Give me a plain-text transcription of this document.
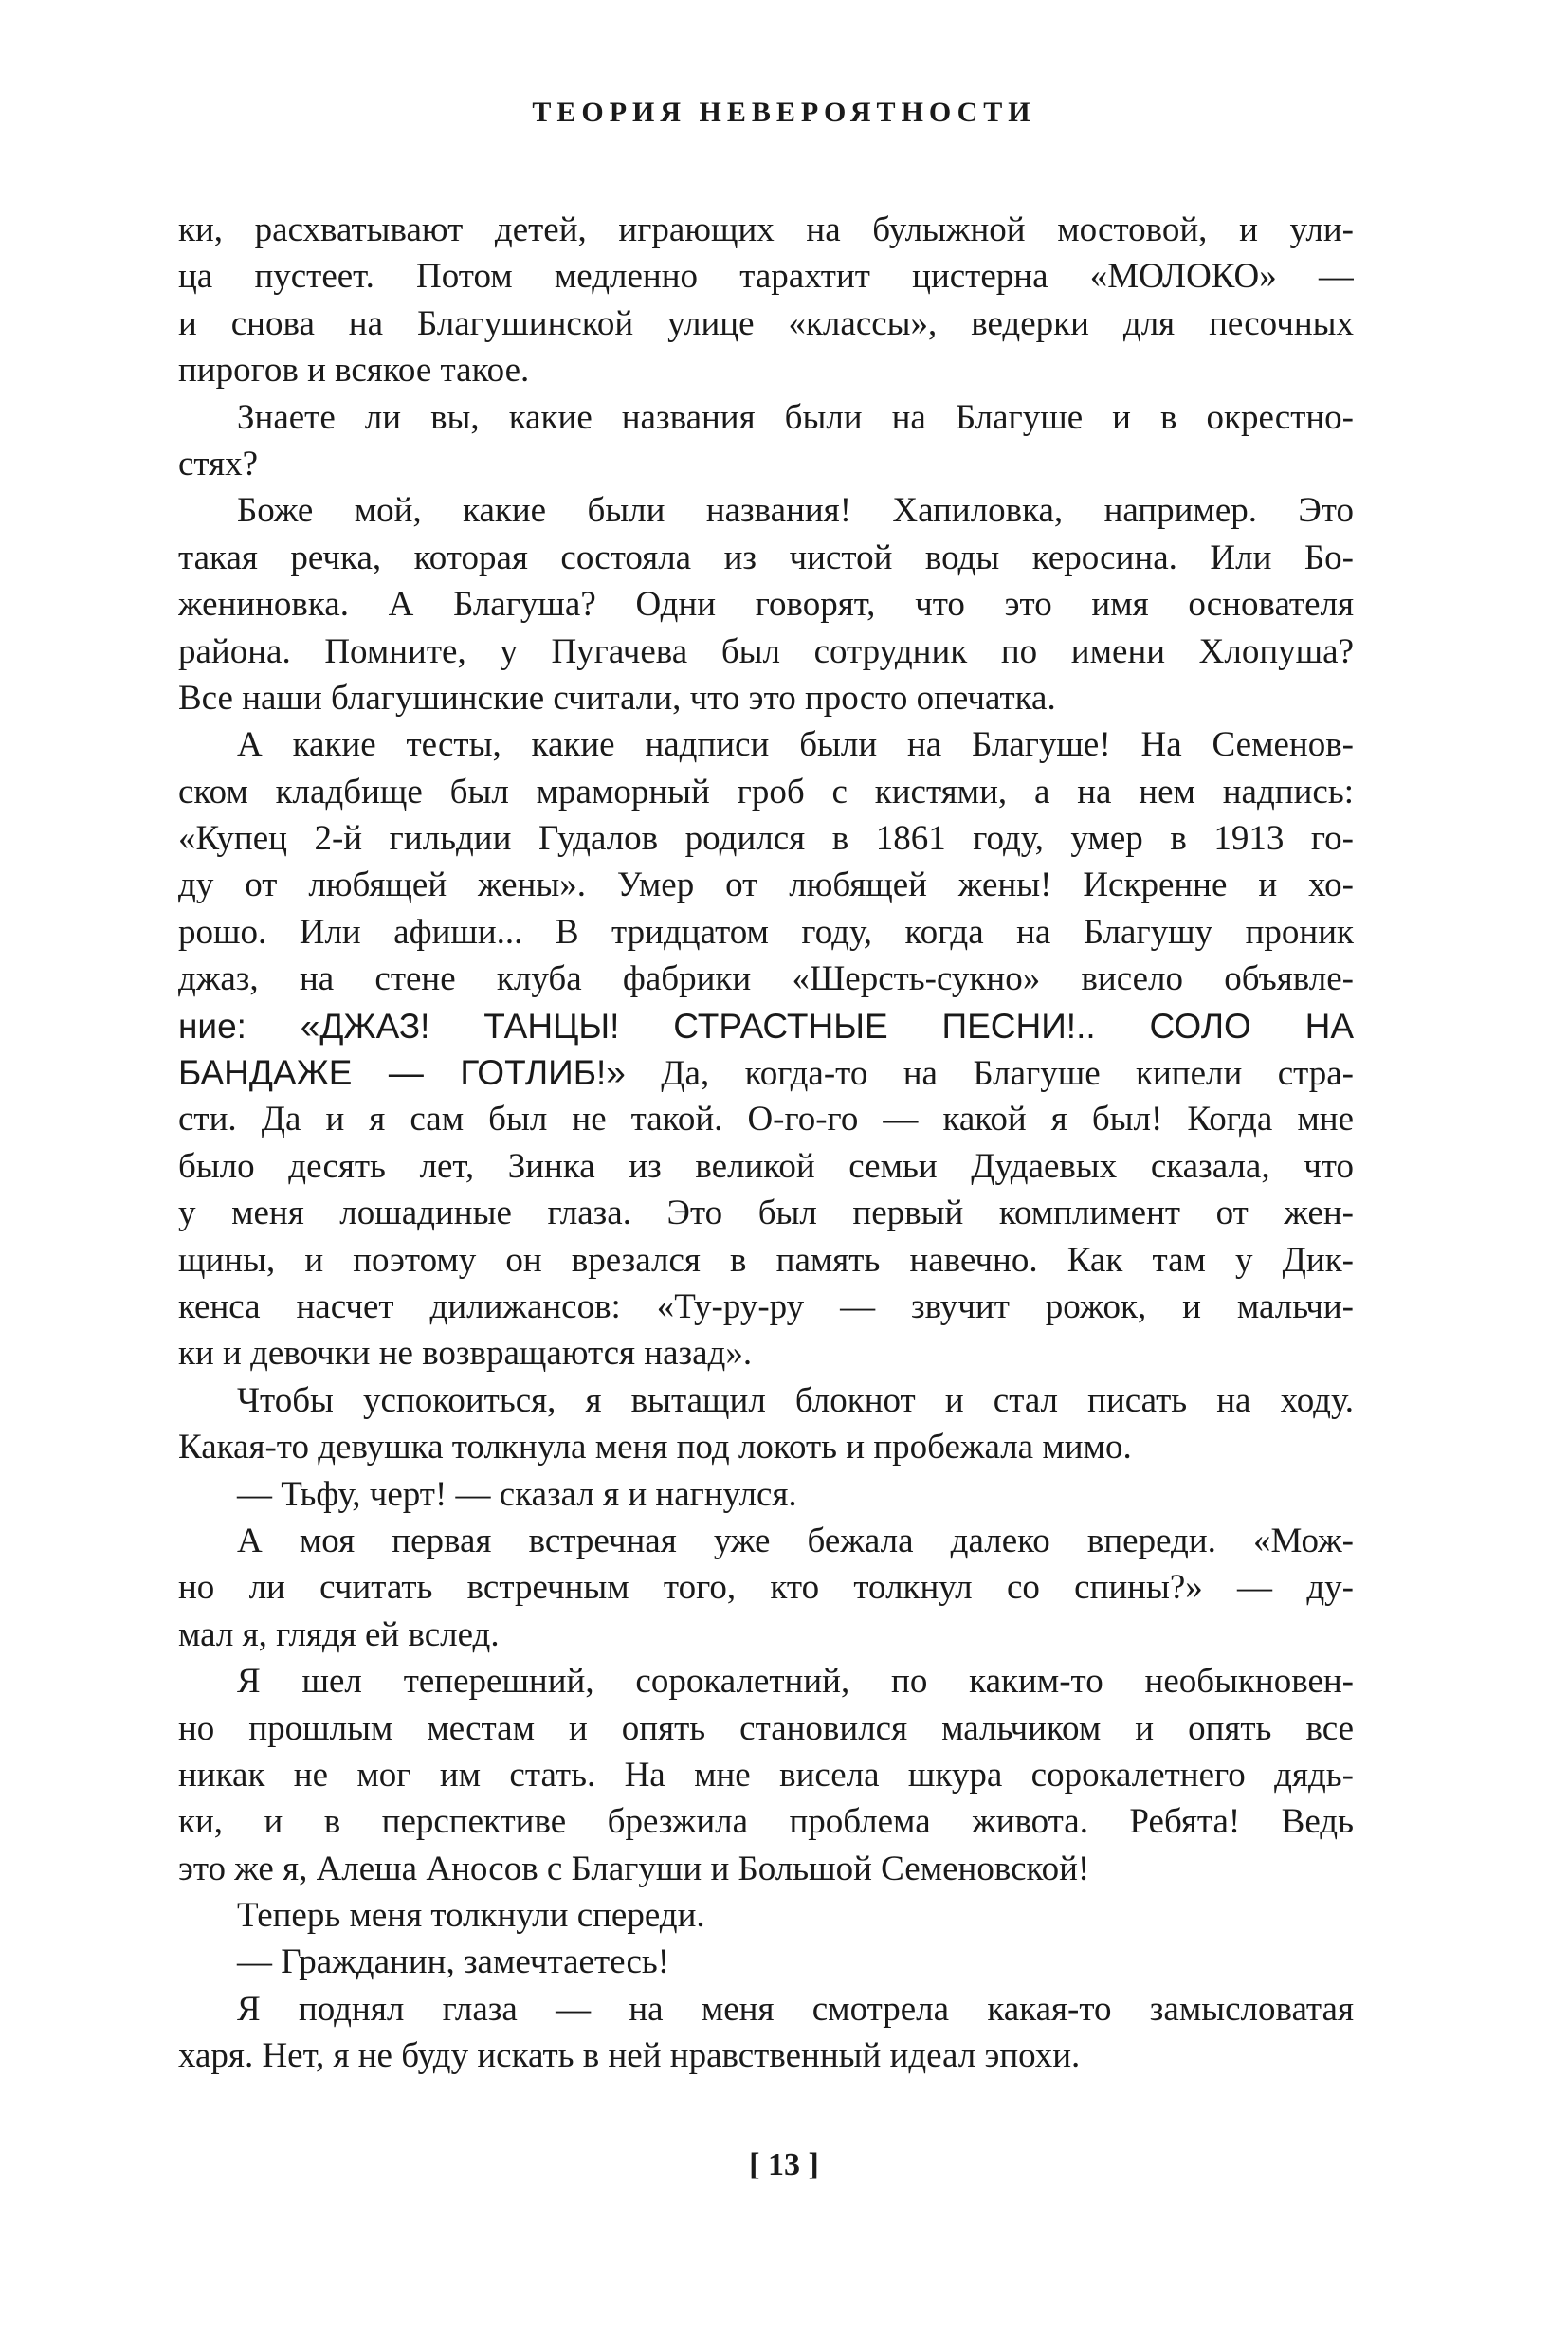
ТЕОРИЯ НЕВЕРОЯТНОСТИ
ки, расхватывают детей, играющих на булыжной мостовой, и ули-
ца пустеет. Потом медленно тарахтит цистерна «МОЛОКО» —
и снова на Благушинской улице «классы», ведерки для песочных
пирогов и всякое такое.
Знаете ли вы, какие названия были на Благуше и в окрестно-
стях?
Боже мой, какие были названия! Хапиловка, например. Это
такая речка, которая состояла из чистой воды керосина. Или Бо-
жениновка. А Благуша? Одни говорят, что это имя основателя
района. Помните, у Пугачева был сотрудник по имени Хлопуша?
Все наши благушинские считали, что это просто опечатка.
А какие тесты, какие надписи были на Благуше! На Семенов-
ском кладбище был мраморный гроб с кистями, а на нем надпись:
«Купец 2-й гильдии Гудалов родился в 1861 году, умер в 1913 го-
ду от любящей жены». Умер от любящей жены! Искренне и хо-
рошо. Или афиши... В тридцатом году, когда на Благушу проник
джаз, на стене клуба фабрики «Шерсть-сукно» висело объявле-
ние: «ДЖАЗ! ТАНЦЫ! СТРАСТНЫЕ ПЕСНИ!.. СОЛО НА
БАНДАЖЕ — ГОТЛИБ!» Да, когда-то на Благуше кипели стра-
сти. Да и я сам был не такой. О-го-го — какой я был! Когда мне
было десять лет, Зинка из великой семьи Дудаевых сказала, что
у меня лошадиные глаза. Это был первый комплимент от жен-
щины, и поэтому он врезался в память навечно. Как там у Дик-
кенса насчет дилижансов: «Ту-ру-ру — звучит рожок, и мальчи-
ки и девочки не возвращаются назад».
Чтобы успокоиться, я вытащил блокнот и стал писать на ходу.
Какая-то девушка толкнула меня под локоть и пробежала мимо.
— Тьфу, черт! — сказал я и нагнулся.
А моя первая встречная уже бежала далеко впереди. «Мож-
но ли считать встречным того, кто толкнул со спины?» — ду-
мал я, глядя ей вслед.
Я шел теперешний, сорокалетний, по каким-то необыкновен-
но прошлым местам и опять становился мальчиком и опять все
никак не мог им стать. На мне висела шкура сорокалетнего дядь-
ки, и в перспективе брезжила проблема живота. Ребята! Ведь
это же я, Алеша Аносов с Благуши и Большой Семеновской!
Теперь меня толкнули спереди.
— Гражданин, замечтаетесь!
Я поднял глаза — на меня смотрела какая-то замысловатая
харя. Нет, я не буду искать в ней нравственный идеал эпохи.
[ 13 ]
